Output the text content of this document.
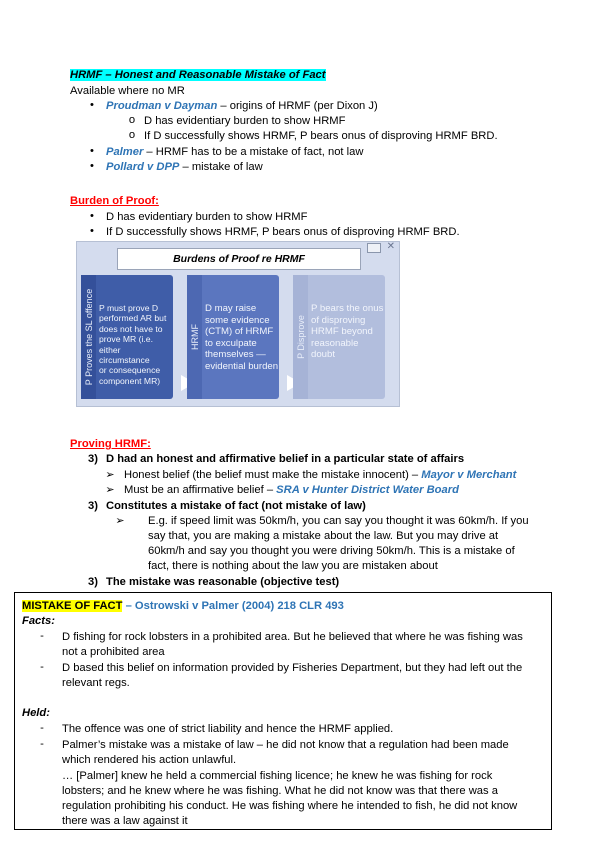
HRMF – Honest and Reasonable Mistake of Fact
Available where no MR
•	Proudman v Dayman – origins of HRMF (per Dixon J)
o D has evidentiary burden to show HRMF
o If D successfully shows HRMF, P bears onus of disproving HRMF BRD.
•	Palmer – HRMF has to be a mistake of fact, not law
•	Pollard v DPP – mistake of law
Burden of Proof:
•	D has evidentiary burden to show HRMF
•	If D successfully shows HRMF, P bears onus of disproving HRMF BRD.
Burdens of Proof re HRMF
✕
P Proves the SL offence P must prove D
performed AR but
does not have to
prove MR (i.e.
either circumstance
or consequence
component MR)
HRMF
D may raise
some evidence
(CTM) of HRMF
to exculpate
themselves —
evidential burden
P Disprove
P bears the onus
of disproving
HRMF beyond
reasonable doubt
Proving HRMF:
3) D had an honest and affirmative belief in a particular state of affairs
➢ Honest belief (the belief must make the mistake innocent) – Mayor v Merchant
➢ Must be an affirmative belief – SRA v Hunter District Water Board
3) Constitutes a mistake of fact (not mistake of law)
➢ E.g. if speed limit was 50km/h, you can say you thought it was 60km/h. If you
say that, you are making a mistake about the law. But you may drive at
60km/h and say you thought you were driving 50km/h. This is a mistake of
fact, there is nothing about the law you are mistaken about
3) The mistake was reasonable (objective test)
MISTAKE OF FACT – Ostrowski v Palmer (2004) 218 CLR 493
Facts:
-	D fishing for rock lobsters in a prohibited area. But he believed that where he was fishing was
not a prohibited area
-	D based this belief on information provided by Fisheries Department, but they had left out the
relevant regs.
Held:
-	The offence was one of strict liability and hence the HRMF applied.
-	Palmer’s mistake was a mistake of law – he did not know that a regulation had been made
which rendered his action unlawful.
… [Palmer] knew he held a commercial fishing licence; he knew he was fishing for rock
lobsters; and he knew where he was fishing. What he did not know was that there was a
regulation prohibiting his conduct. He was fishing where he intended to fish, he did not know
there was a law against it
